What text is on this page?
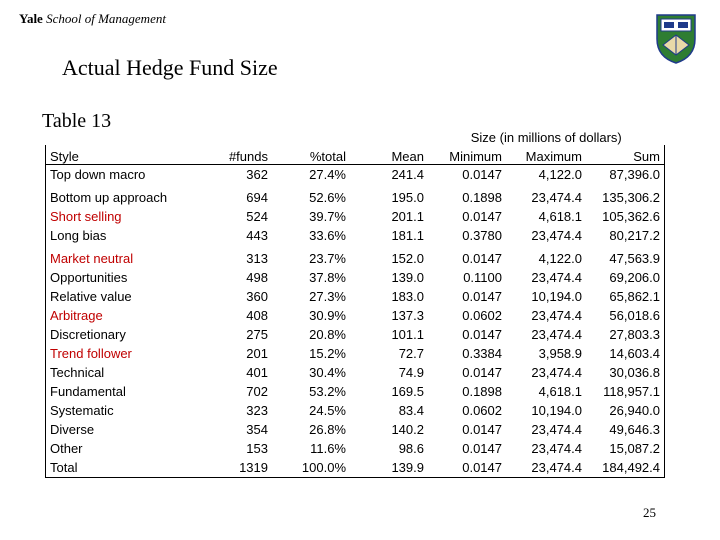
Yale School of Management
Actual Hedge Fund Size
Table 13
				Size (in millions of dollars)		
Style	#funds	%total	Mean	Minimum	Maximum	Sum
Top down macro	362	27.4%	241.4	0.0147	4,122.0	87,396.0
Bottom up approach	694	52.6%	195.0	0.1898	23,474.4	135,306.2
Short selling	524	39.7%	201.1	0.0147	4,618.1	105,362.6
Long bias	443	33.6%	181.1	0.3780	23,474.4	80,217.2
Market neutral	313	23.7%	152.0	0.0147	4,122.0	47,563.9
Opportunities	498	37.8%	139.0	0.1100	23,474.4	69,206.0
Relative value	360	27.3%	183.0	0.0147	10,194.0	65,862.1
Arbitrage	408	30.9%	137.3	0.0602	23,474.4	56,018.6
Discretionary	275	20.8%	101.1	0.0147	23,474.4	27,803.3
Trend follower	201	15.2%	72.7	0.3384	3,958.9	14,603.4
Technical	401	30.4%	74.9	0.0147	23,474.4	30,036.8
Fundamental	702	53.2%	169.5	0.1898	4,618.1	118,957.1
Systematic	323	24.5%	83.4	0.0602	10,194.0	26,940.0
Diverse	354	26.8%	140.2	0.0147	23,474.4	49,646.3
Other	153	11.6%	98.6	0.0147	23,474.4	15,087.2
Total	1319	100.0%	139.9	0.0147	23,474.4	184,492.4
25
